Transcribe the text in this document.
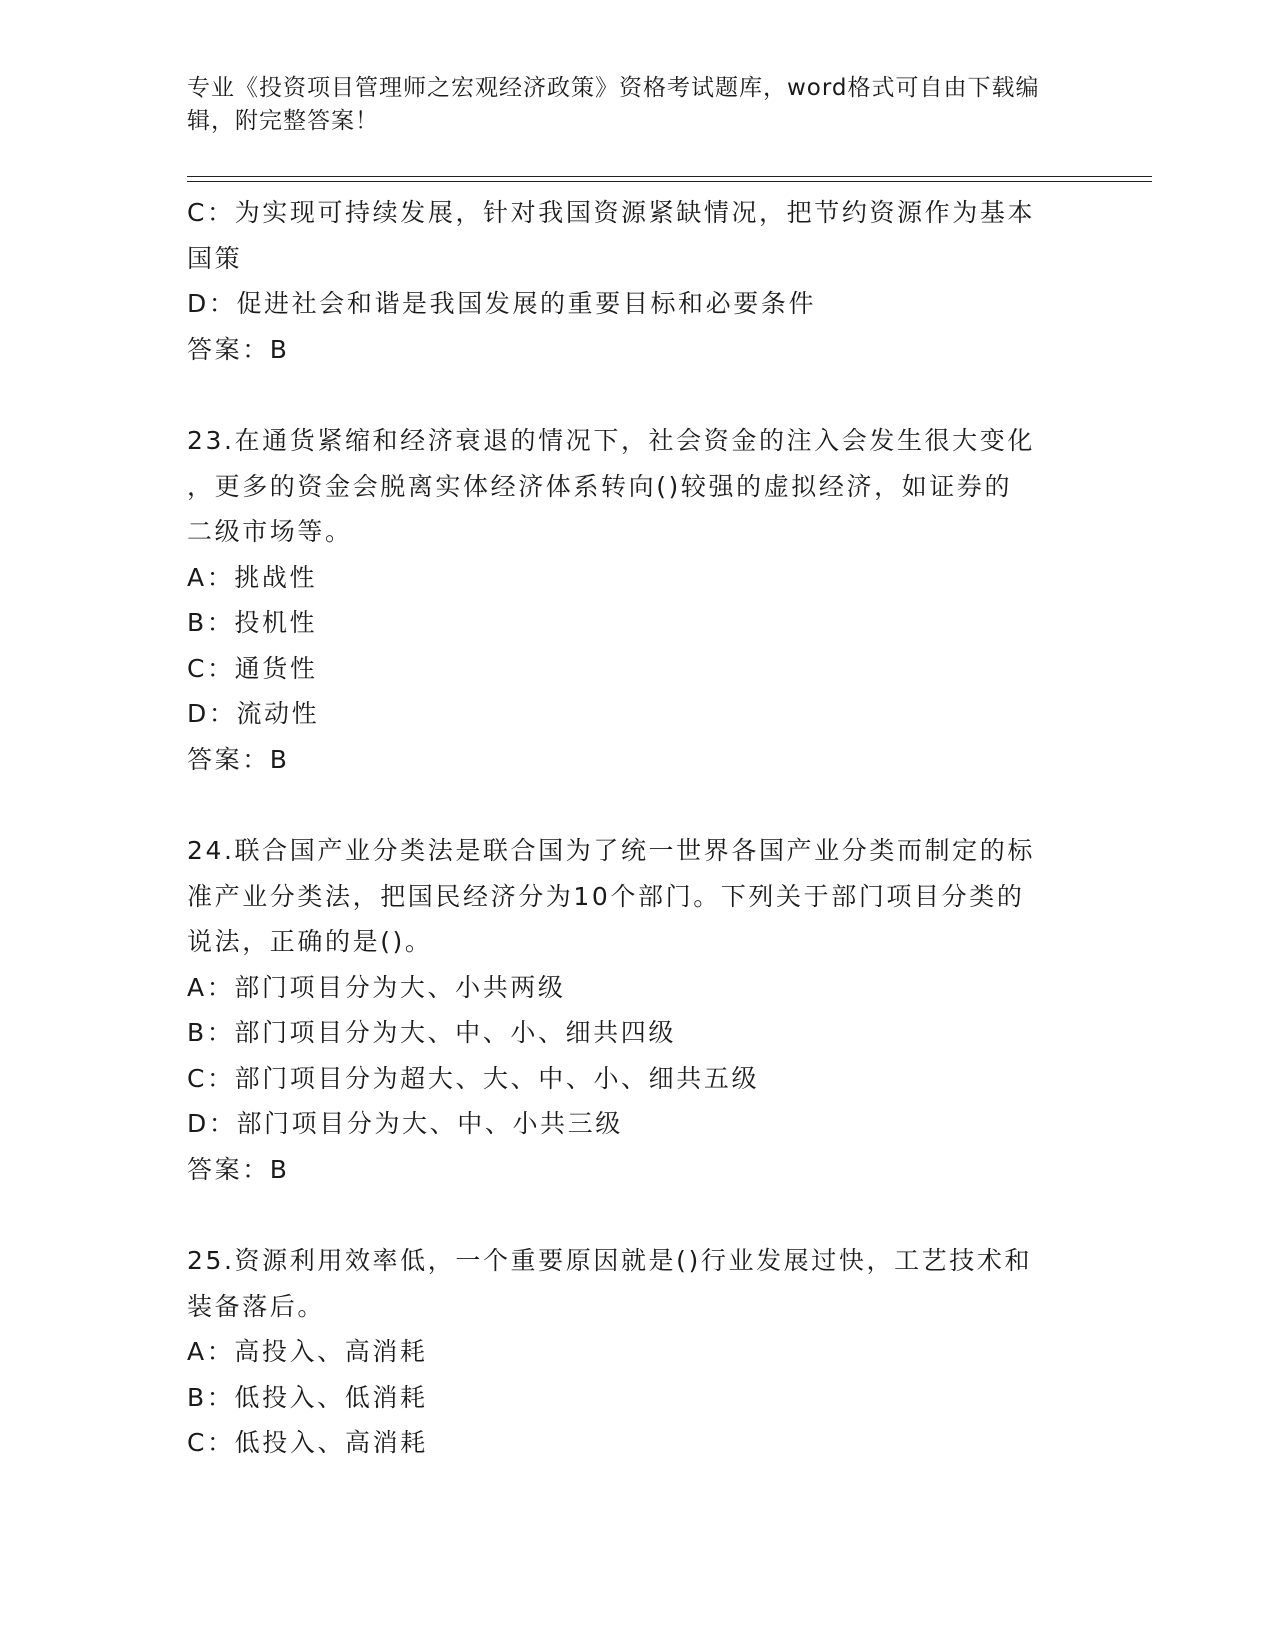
专业《投资项目管理师之宏观经济政策》资格考试题库，word格式可自由下载编
辑，附完整答案！
C：为实现可持续发展，针对我国资源紧缺情况，把节约资源作为基本
国策
D：促进社会和谐是我国发展的重要目标和必要条件
答案：B
23.在通货紧缩和经济衰退的情况下，社会资金的注入会发生很大变化
，更多的资金会脱离实体经济体系转向()较强的虚拟经济，如证券的
二级市场等。
A：挑战性
B：投机性
C：通货性
D：流动性
答案：B
24.联合国产业分类法是联合国为了统一世界各国产业分类而制定的标
准产业分类法，把国民经济分为10个部门。下列关于部门项目分类的
说法，正确的是()。
A：部门项目分为大、小共两级
B：部门项目分为大、中、小、细共四级
C：部门项目分为超大、大、中、小、细共五级
D：部门项目分为大、中、小共三级
答案：B
25.资源利用效率低，一个重要原因就是()行业发展过快，工艺技术和
装备落后。
A：高投入、高消耗
B：低投入、低消耗
C：低投入、高消耗
